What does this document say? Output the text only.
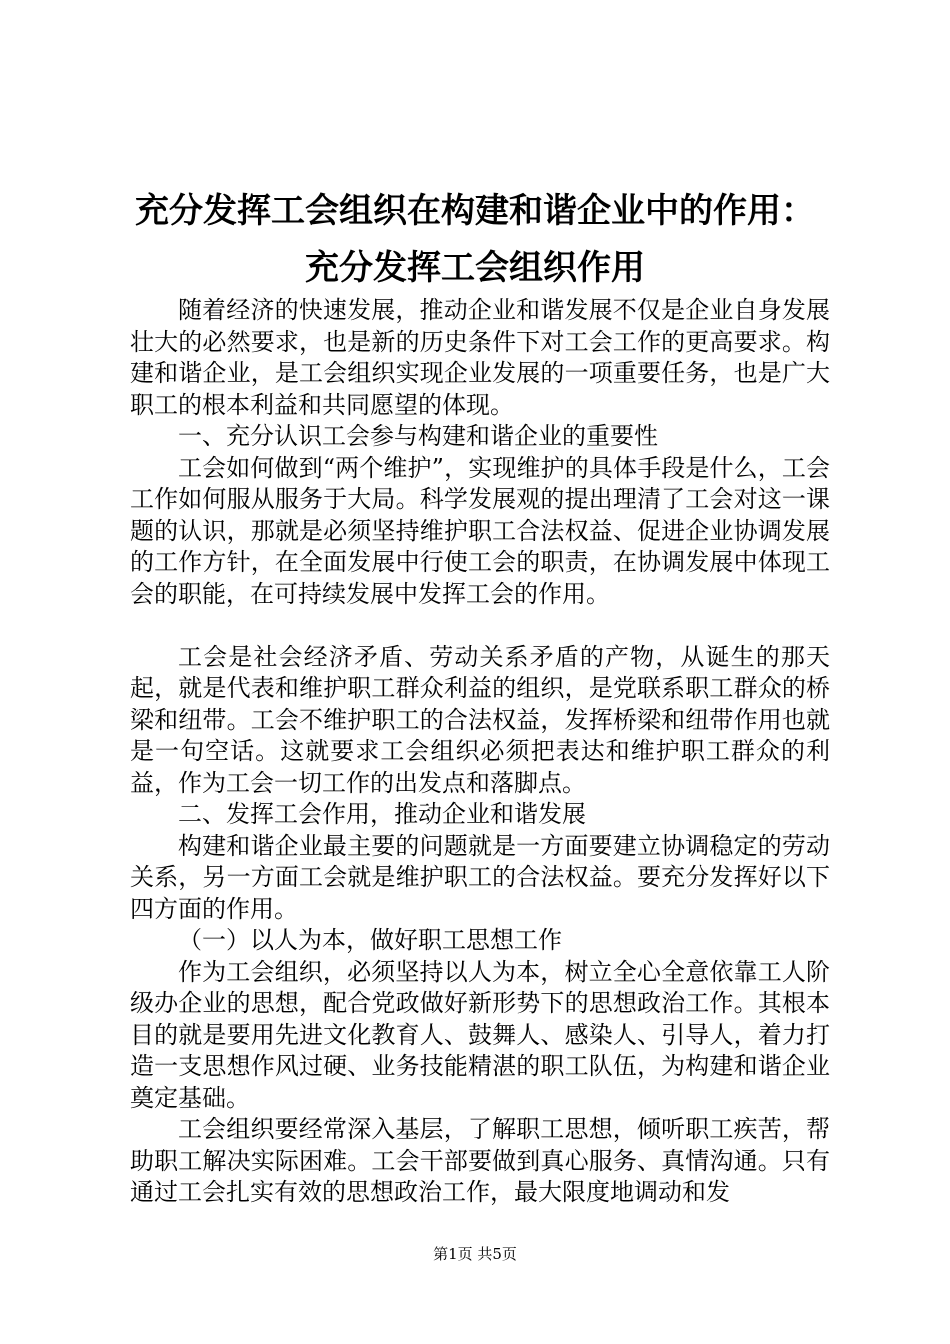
充分发挥工会组织在构建和谐企业中的作用：
充分发挥工会组织作用

随着经济的快速发展，推动企业和谐发展不仅是企业自身发展壮大的必然要求，也是新的历史条件下对工会工作的更高要求。构建和谐企业，是工会组织实现企业发展的一项重要任务，也是广大职工的根本利益和共同愿望的体现。

一、充分认识工会参与构建和谐企业的重要性

工会如何做到“两个维护”，实现维护的具体手段是什么，工会工作如何服从服务于大局。科学发展观的提出理清了工会对这一课题的认识，那就是必须坚持维护职工合法权益、促进企业协调发展的工作方针，在全面发展中行使工会的职责，在协调发展中体现工会的职能，在可持续发展中发挥工会的作用。

工会是社会经济矛盾、劳动关系矛盾的产物，从诞生的那天起，就是代表和维护职工群众利益的组织，是党联系职工群众的桥梁和纽带。工会不维护职工的合法权益，发挥桥梁和纽带作用也就是一句空话。这就要求工会组织必须把表达和维护职工群众的利益，作为工会一切工作的出发点和落脚点。

二、发挥工会作用，推动企业和谐发展

构建和谐企业最主要的问题就是一方面要建立协调稳定的劳动关系，另一方面工会就是维护职工的合法权益。要充分发挥好以下四方面的作用。

（一）以人为本，做好职工思想工作

作为工会组织，必须坚持以人为本，树立全心全意依靠工人阶级办企业的思想，配合党政做好新形势下的思想政治工作。其根本目的就是要用先进文化教育人、鼓舞人、感染人、引导人，着力打造一支思想作风过硬、业务技能精湛的职工队伍，为构建和谐企业奠定基础。

工会组织要经常深入基层，了解职工思想，倾听职工疾苦，帮助职工解决实际困难。工会干部要做到真心服务、真情沟通。只有通过工会扎实有效的思想政治工作，最大限度地调动和发

第1页 共5页
